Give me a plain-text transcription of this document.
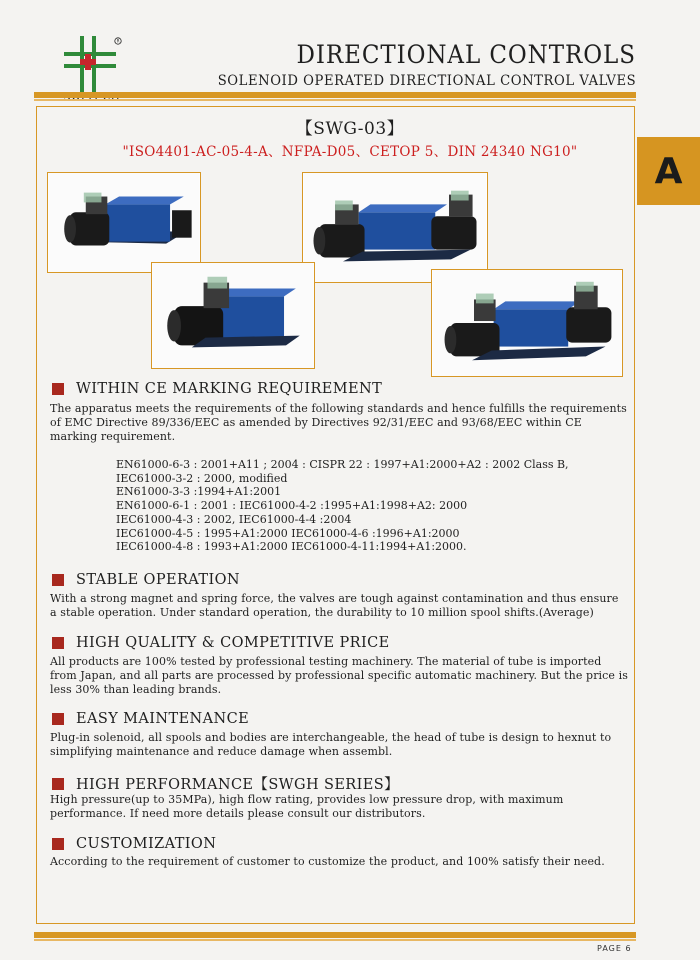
R	DIRECTIONAL CONTROLS
SOLENOID OPERATED DIRECTIONAL CONTROL VALVES
A
【SWG-03】
"ISO4401-AC-05-4-A、NFPA-D05、CETOP 5、DIN 24340 NG10"
WITHIN CE MARKING REQUIREMENT
The apparatus meets the requirements of the following standards and hence fulfills the requirements of EMC Directive 89/336/EEC as amended by Directives 92/31/EEC and 93/68/EEC within CE marking requirement.
EN61000-6-3 : 2001+A11 ; 2004 : CISPR 22 : 1997+A1:2000+A2 : 2002 Class B,
IEC61000-3-2 : 2000, modified
EN61000-3-3 :1994+A1:2001
EN61000-6-1 : 2001 : IEC61000-4-2 :1995+A1:1998+A2: 2000
IEC61000-4-3 : 2002, IEC61000-4-4 :2004
IEC61000-4-5 : 1995+A1:2000 IEC61000-4-6 :1996+A1:2000
IEC61000-4-8 : 1993+A1:2000 IEC61000-4-11:1994+A1:2000.
STABLE OPERATION
With a strong magnet and spring force, the valves are tough against contamination and thus ensure a stable operation. Under standard operation, the durability to 10 million spool shifts.(Average)
HIGH QUALITY & COMPETITIVE PRICE
All products are 100% tested by professional testing machinery. The material of tube is imported from Japan, and all parts are processed by professional specific automatic machinery. But the price is less 30% than leading brands.
EASY MAINTENANCE
Plug-in solenoid, all spools and bodies are interchangeable, the head of tube is design to hexnut to simplifying maintenance and reduce damage when assembl.
HIGH PERFORMANCE【SWGH SERIES】
High pressure(up to 35MPa), high flow rating, provides low pressure drop, with maximum performance. If need more details please consult our distributors.
CUSTOMIZATION
According to the requirement of customer to customize the product, and 100% satisfy their need.
PAGE 6
